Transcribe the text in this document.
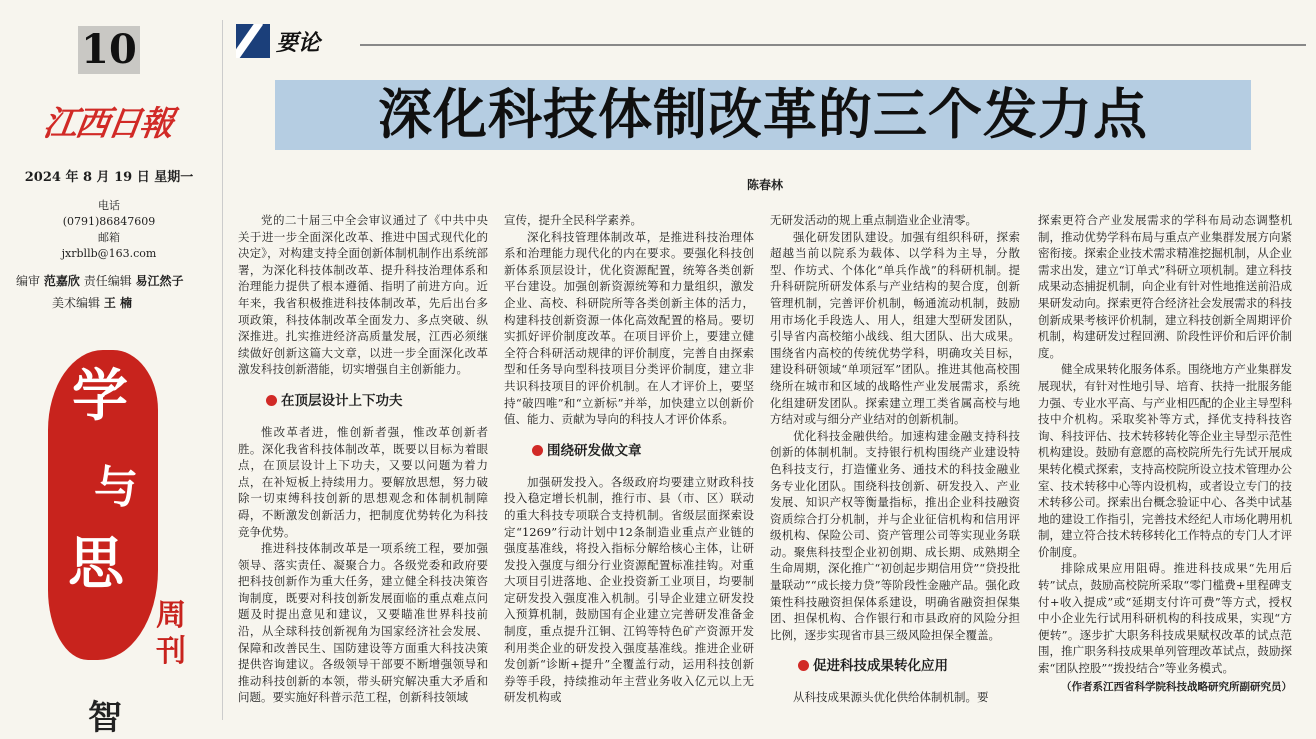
10
江西日報
2024 年 8 月 19 日 星期一
电话
(0791)86847609
邮箱
jxrbllb@163.com
编审 范嘉欣 责任编辑 易江然子
美术编辑 王 楠
学
与
思
周
刊
智
要论
深化科技体制改革的三个发力点
陈春林

党的二十届三中全会审议通过了《中共中央关于进一步全面深化改革、推进中国式现代化的决定》，对构建支持全面创新体制机制作出系统部署，为深化科技体制改革、提升科技治理体系和治理能力提供了根本遵循、指明了前进方向。近年来，我省积极推进科技体制改革，先后出台多项政策，科技体制改革全面发力、多点突破、纵深推进。扎实推进经济高质量发展，江西必须继续做好创新这篇大文章，以进一步全面深化改革激发科技创新潜能，切实增强自主创新能力。

在顶层设计上下功夫

惟改革者进，惟创新者强，惟改革创新者胜。深化我省科技体制改革，既要以目标为着眼点，在顶层设计上下功夫，又要以问题为着力点，在补短板上持续用力。要解放思想，努力破除一切束缚科技创新的思想观念和体制机制障碍，不断激发创新活力，把制度优势转化为科技竞争优势。

推进科技体制改革是一项系统工程，要加强领导、落实责任、凝聚合力。各级党委和政府要把科技创新作为重大任务，建立健全科技决策咨询制度，既要对科技创新发展面临的重点难点问题及时提出意见和建议，又要瞄准世界科技前沿，从全球科技创新视角为国家经济社会发展、保障和改善民生、国防建设等方面重大科技决策提供咨询建议。各级领导干部要不断增强领导和推动科技创新的本领，带头研究解决重大矛盾和问题。要实施好科普示范工程，创新科技领域

宣传，提升全民科学素养。

深化科技管理体制改革，是推进科技治理体系和治理能力现代化的内在要求。要强化科技创新体系顶层设计，优化资源配置，统筹各类创新平台建设。加强创新资源统筹和力量组织，激发企业、高校、科研院所等各类创新主体的活力，构建科技创新资源一体化高效配置的格局。要切实抓好评价制度改革。在项目评价上，要建立健全符合科研活动规律的评价制度，完善自由探索型和任务导向型科技项目分类评价制度，建立非共识科技项目的评价机制。在人才评价上，要坚持“破四唯”和“立新标”并举，加快建立以创新价值、能力、贡献为导向的科技人才评价体系。

围绕研发做文章

加强研发投入。各级政府均要建立财政科技投入稳定增长机制，推行市、县（市、区）联动的重大科技专项联合支持机制。省级层面探索设定“1269”行动计划中12条制造业重点产业链的强度基准线，将投入指标分解给核心主体，让研发投入强度与细分行业资源配置标准挂钩。对重大项目引进落地、企业投资新工业项目，均要制定研发投入强度准入机制。引导企业建立研发投入预算机制，鼓励国有企业建立完善研发准备金制度，重点提升江铜、江钨等特色矿产资源开发利用类企业的研发投入强度基准线。推进企业研发创新“诊断+提升”全覆盖行动，运用科技创新券等手段，持续推动年主营业务收入亿元以上无研发机构或

无研发活动的规上重点制造业企业清零。

强化研发团队建设。加强有组织科研，探索超越当前以院系为载体、以学科为主导，分散型、作坊式、个体化“单兵作战”的科研机制。提升科研院所研发体系与产业结构的契合度，创新管理机制，完善评价机制，畅通流动机制，鼓励用市场化手段选人、用人，组建大型研发团队，引导省内高校缩小战线、组大团队、出大成果。围绕省内高校的传统优势学科，明确攻关目标，建设科研领域“单项冠军”团队。推进其他高校围绕所在城市和区域的战略性产业发展需求，系统化组建研发团队。探索建立理工类省属高校与地方结对或与细分产业结对的创新机制。

优化科技金融供给。加速构建金融支持科技创新的体制机制。支持银行机构围绕产业建设特色科技支行，打造懂业务、通技术的科技金融业务专业化团队。围绕科技创新、研发投入、产业发展、知识产权等衡量指标，推出企业科技融资资质综合打分机制，并与企业征信机构和信用评级机构、保险公司、资产管理公司等实现业务联动。聚焦科技型企业初创期、成长期、成熟期全生命周期，深化推广“初创起步期信用贷”“贷投批量联动”“成长接力贷”等阶段性金融产品。强化政策性科技融资担保体系建设，明确省融资担保集团、担保机构、合作银行和市县政府的风险分担比例，逐步实现省市县三级风险担保全覆盖。

促进科技成果转化应用

从科技成果源头优化供给体制机制。要

探索更符合产业发展需求的学科布局动态调整机制，推动优势学科布局与重点产业集群发展方向紧密衔接。探索企业技术需求精准挖掘机制，从企业需求出发，建立“订单式”科研立项机制。建立科技成果动态捕捉机制，向企业有针对性地推送前沿成果研发动向。探索更符合经济社会发展需求的科技创新成果考核评价机制，建立科技创新全周期评价机制，构建研发过程回溯、阶段性评价和后评价制度。

健全成果转化服务体系。围绕地方产业集群发展现状，有针对性地引导、培育、扶持一批服务能力强、专业水平高、与产业相匹配的企业主导型科技中介机构。采取奖补等方式，择优支持科技咨询、科技评估、技术转移转化等企业主导型示范性机构建设。鼓励有意愿的高校院所先行先试开展成果转化模式探索，支持高校院所设立技术管理办公室、技术转移中心等内设机构，或者设立专门的技术转移公司。探索出台概念验证中心、各类中试基地的建设工作指引，完善技术经纪人市场化聘用机制，建立符合技术转移转化工作特点的专门人才评价制度。

排除成果应用阻碍。推进科技成果“先用后转”试点，鼓励高校院所采取“零门槛费+里程碑支付+收入提成”或“延期支付许可费”等方式，授权中小企业先行试用科研机构的科技成果，实现“方便转”。逐步扩大职务科技成果赋权改革的试点范围，推广职务科技成果单列管理改革试点，鼓励探索“团队控股”“拨投结合”等业务模式。

（作者系江西省科学院科技战略研究所副研究员）
